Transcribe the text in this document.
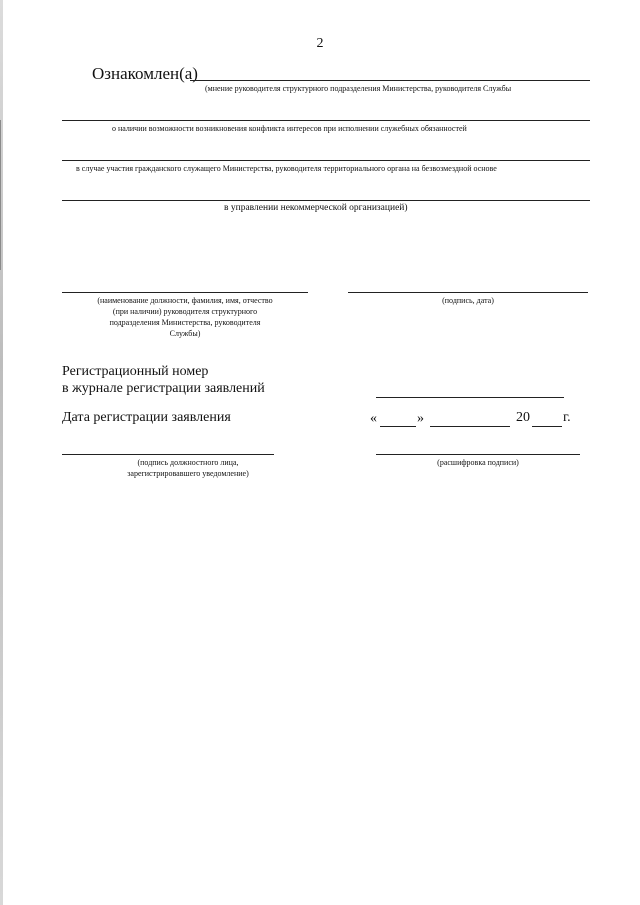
2
Ознакомлен(а)
(мнение руководителя структурного подразделения Министерства, руководителя Службы
о наличии возможности возникновения конфликта интересов при исполнении служебных обязанностей
в случае участия гражданского служащего Министерства, руководителя территориального органа на безвозмездной основе
в управлении некоммерческой организацией)
(наименование должности, фамилия, имя, отчество
(при наличии) руководителя структурного
подразделения Министерства, руководителя
Службы)
(подпись, дата)
Регистрационный номер
в журнале регистрации заявлений
Дата регистрации заявления	«	»	20 г.
(подпись должностного лица,
зарегистрировавшего уведомление)
(расшифровка подписи)
